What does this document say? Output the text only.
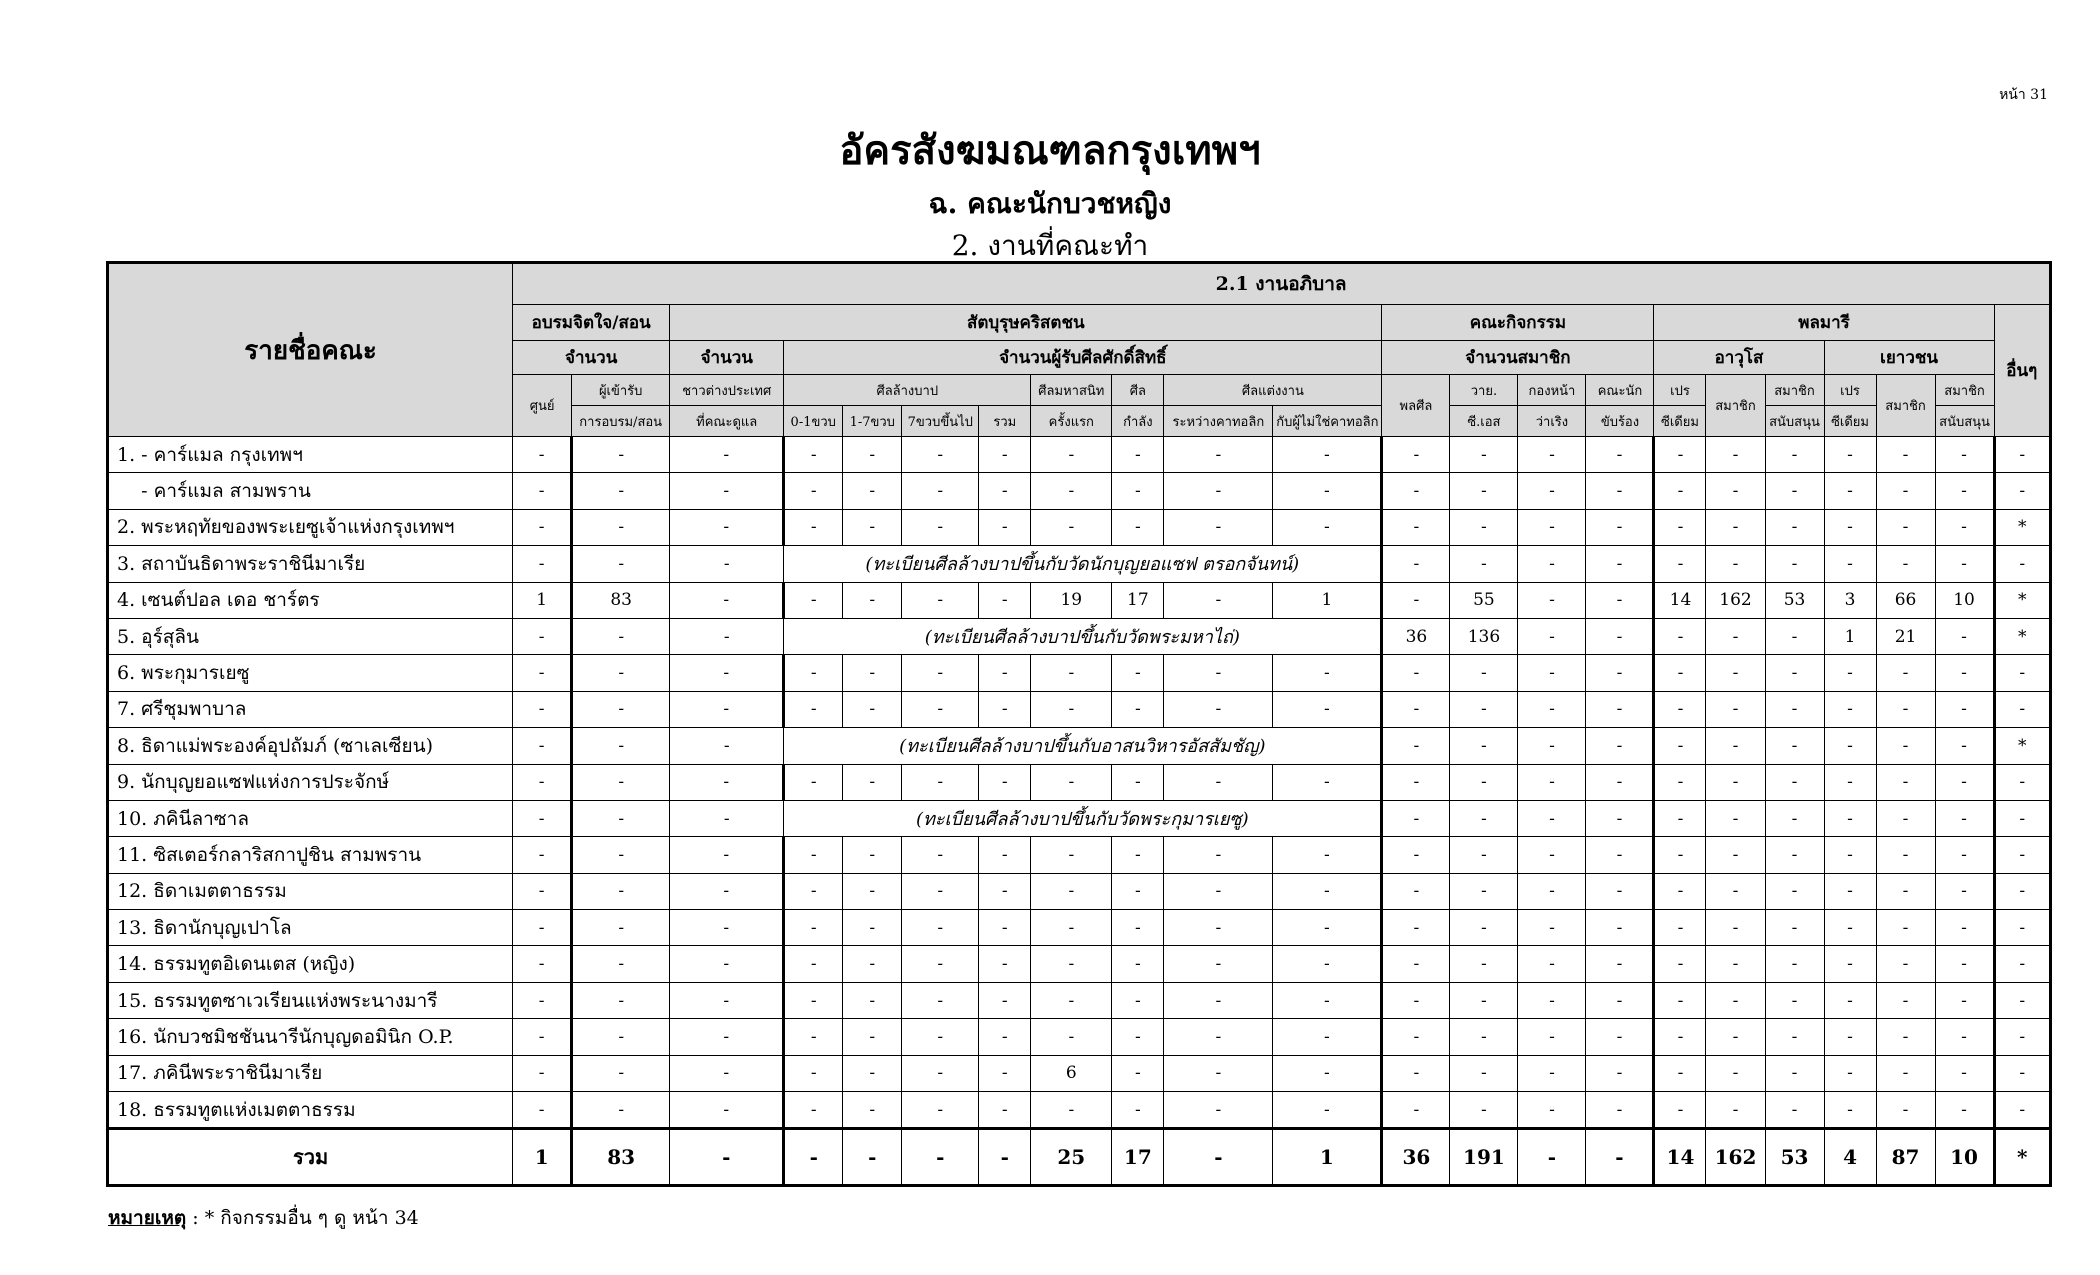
หน้า 31
อัครสังฆมณฑลกรุงเทพฯ
ฉ. คณะนักบวชหญิง
2. งานที่คณะทำ
รายชื่อคณะ	2.1 งานอภิบาล																					
	อบรมจิตใจ/สอน		สัตบุรุษคริสตชน									คณะกิจกรรม				พลมารี						อื่นๆ
	จำนวน		จำนวน	จำนวนผู้รับศีลศักดิ์สิทธิ์								จำนวนสมาชิก				อาวุโส			เยาวชน			
	ศูนย์	ผู้เข้ารับ	ชาวต่างประเทศ	ศีลล้างบาป				ศีลมหาสนิท	ศีล	ศีลแต่งงาน		พลศีล	วาย.	กองหน้า	คณะนัก	เปร	สมาชิก	สมาชิก	เปร	สมาชิก	สมาชิก	
		การอบรม/สอน	ที่คณะดูแล	0-1ขวบ	1-7ขวบ	7ขวบขึ้นไป	รวม	ครั้งแรก	กำลัง	ระหว่างคาทอลิก	กับผู้ไม่ใช่คาทอลิก		ซี.เอส	ว่าเริง	ขับร้อง	ซีเดียม		สนับสนุน	ซีเดียม		สนับสนุน	
1. - คาร์แมล กรุงเทพฯ	-	-	-	-	-	-	-	-	-	-	-	-	-	-	-	-	-	-	-	-	-	-
- คาร์แมล สามพราน	-	-	-	-	-	-	-	-	-	-	-	-	-	-	-	-	-	-	-	-	-	-
2. พระหฤทัยของพระเยซูเจ้าแห่งกรุงเทพฯ	-	-	-	-	-	-	-	-	-	-	-	-	-	-	-	-	-	-	-	-	-	*
3. สถาบันธิดาพระราชินีมาเรีย	-	-	-	(ทะเบียนศีลล้างบาปขึ้นกับวัดนักบุญยอแซฟ ตรอกจันทน์)								-	-	-	-	-	-	-	-	-	-	-
4. เซนต์ปอล เดอ ชาร์ตร	1	83	-	-	-	-	-	19	17	-	1	-	55	-	-	14	162	53	3	66	10	*
5. อุร์สุลิน	-	-	-	(ทะเบียนศีลล้างบาปขึ้นกับวัดพระมหาไถ่)								36	136	-	-	-	-	-	1	21	-	*
6. พระกุมารเยซู	-	-	-	-	-	-	-	-	-	-	-	-	-	-	-	-	-	-	-	-	-	-
7. ศรีชุมพาบาล	-	-	-	-	-	-	-	-	-	-	-	-	-	-	-	-	-	-	-	-	-	-
8. ธิดาแม่พระองค์อุปถัมภ์ (ซาเลเซียน)	-	-	-	(ทะเบียนศีลล้างบาปขึ้นกับอาสนวิหารอัสสัมชัญ)								-	-	-	-	-	-	-	-	-	-	*
9. นักบุญยอแซฟแห่งการประจักษ์	-	-	-	-	-	-	-	-	-	-	-	-	-	-	-	-	-	-	-	-	-	-
10. ภคินีลาซาล	-	-	-	(ทะเบียนศีลล้างบาปขึ้นกับวัดพระกุมารเยซู)								-	-	-	-	-	-	-	-	-	-	-
11. ซิสเตอร์กลาริสกาปูชิน สามพราน	-	-	-	-	-	-	-	-	-	-	-	-	-	-	-	-	-	-	-	-	-	-
12. ธิดาเมตตาธรรม	-	-	-	-	-	-	-	-	-	-	-	-	-	-	-	-	-	-	-	-	-	-
13. ธิดานักบุญเปาโล	-	-	-	-	-	-	-	-	-	-	-	-	-	-	-	-	-	-	-	-	-	-
14. ธรรมทูตอิเดนเตส (หญิง)	-	-	-	-	-	-	-	-	-	-	-	-	-	-	-	-	-	-	-	-	-	-
15. ธรรมทูตซาเวเรียนแห่งพระนางมารี	-	-	-	-	-	-	-	-	-	-	-	-	-	-	-	-	-	-	-	-	-	-
16. นักบวชมิชชันนารีนักบุญดอมินิก O.P.	-	-	-	-	-	-	-	-	-	-	-	-	-	-	-	-	-	-	-	-	-	-
17. ภคินีพระราชินีมาเรีย	-	-	-	-	-	-	-	6	-	-	-	-	-	-	-	-	-	-	-	-	-	-
18. ธรรมทูตแห่งเมตตาธรรม	-	-	-	-	-	-	-	-	-	-	-	-	-	-	-	-	-	-	-	-	-	-
รวม	1	83	-	-	-	-	-	25	17	-	1	36	191	-	-	14	162	53	4	87	10	*
หมายเหตุ : * กิจกรรมอื่น ๆ ดู หน้า 34
